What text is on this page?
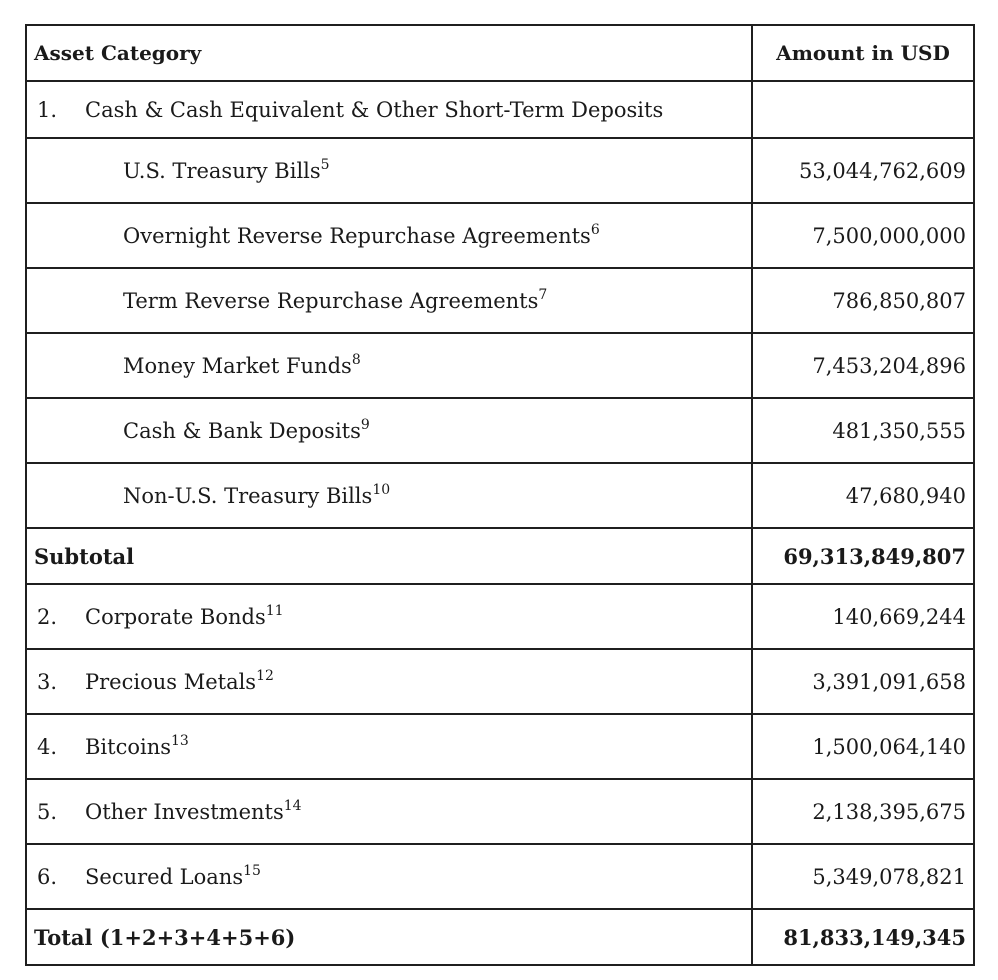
Asset Category	Amount in USD
1. Cash & Cash Equivalent & Other Short-Term Deposits	
U.S. Treasury Bills$^5$	53,044,762,609
Overnight Reverse Repurchase Agreements$^6$	7,500,000,000
Term Reverse Repurchase Agreements$^7$	786,850,807
Money Market Funds$^8$	7,453,204,896
Cash & Bank Deposits$^9$	481,350,555
Non-U.S. Treasury Bills$^{10}$	47,680,940
Subtotal	69,313,849,807
2. Corporate Bonds$^{11}$	140,669,244
3. Precious Metals$^{12}$	3,391,091,658
4. Bitcoins$^{13}$	1,500,064,140
5. Other Investments$^{14}$	2,138,395,675
6. Secured Loans$^{15}$	5,349,078,821
Total (1+2+3+4+5+6)	81,833,149,345
